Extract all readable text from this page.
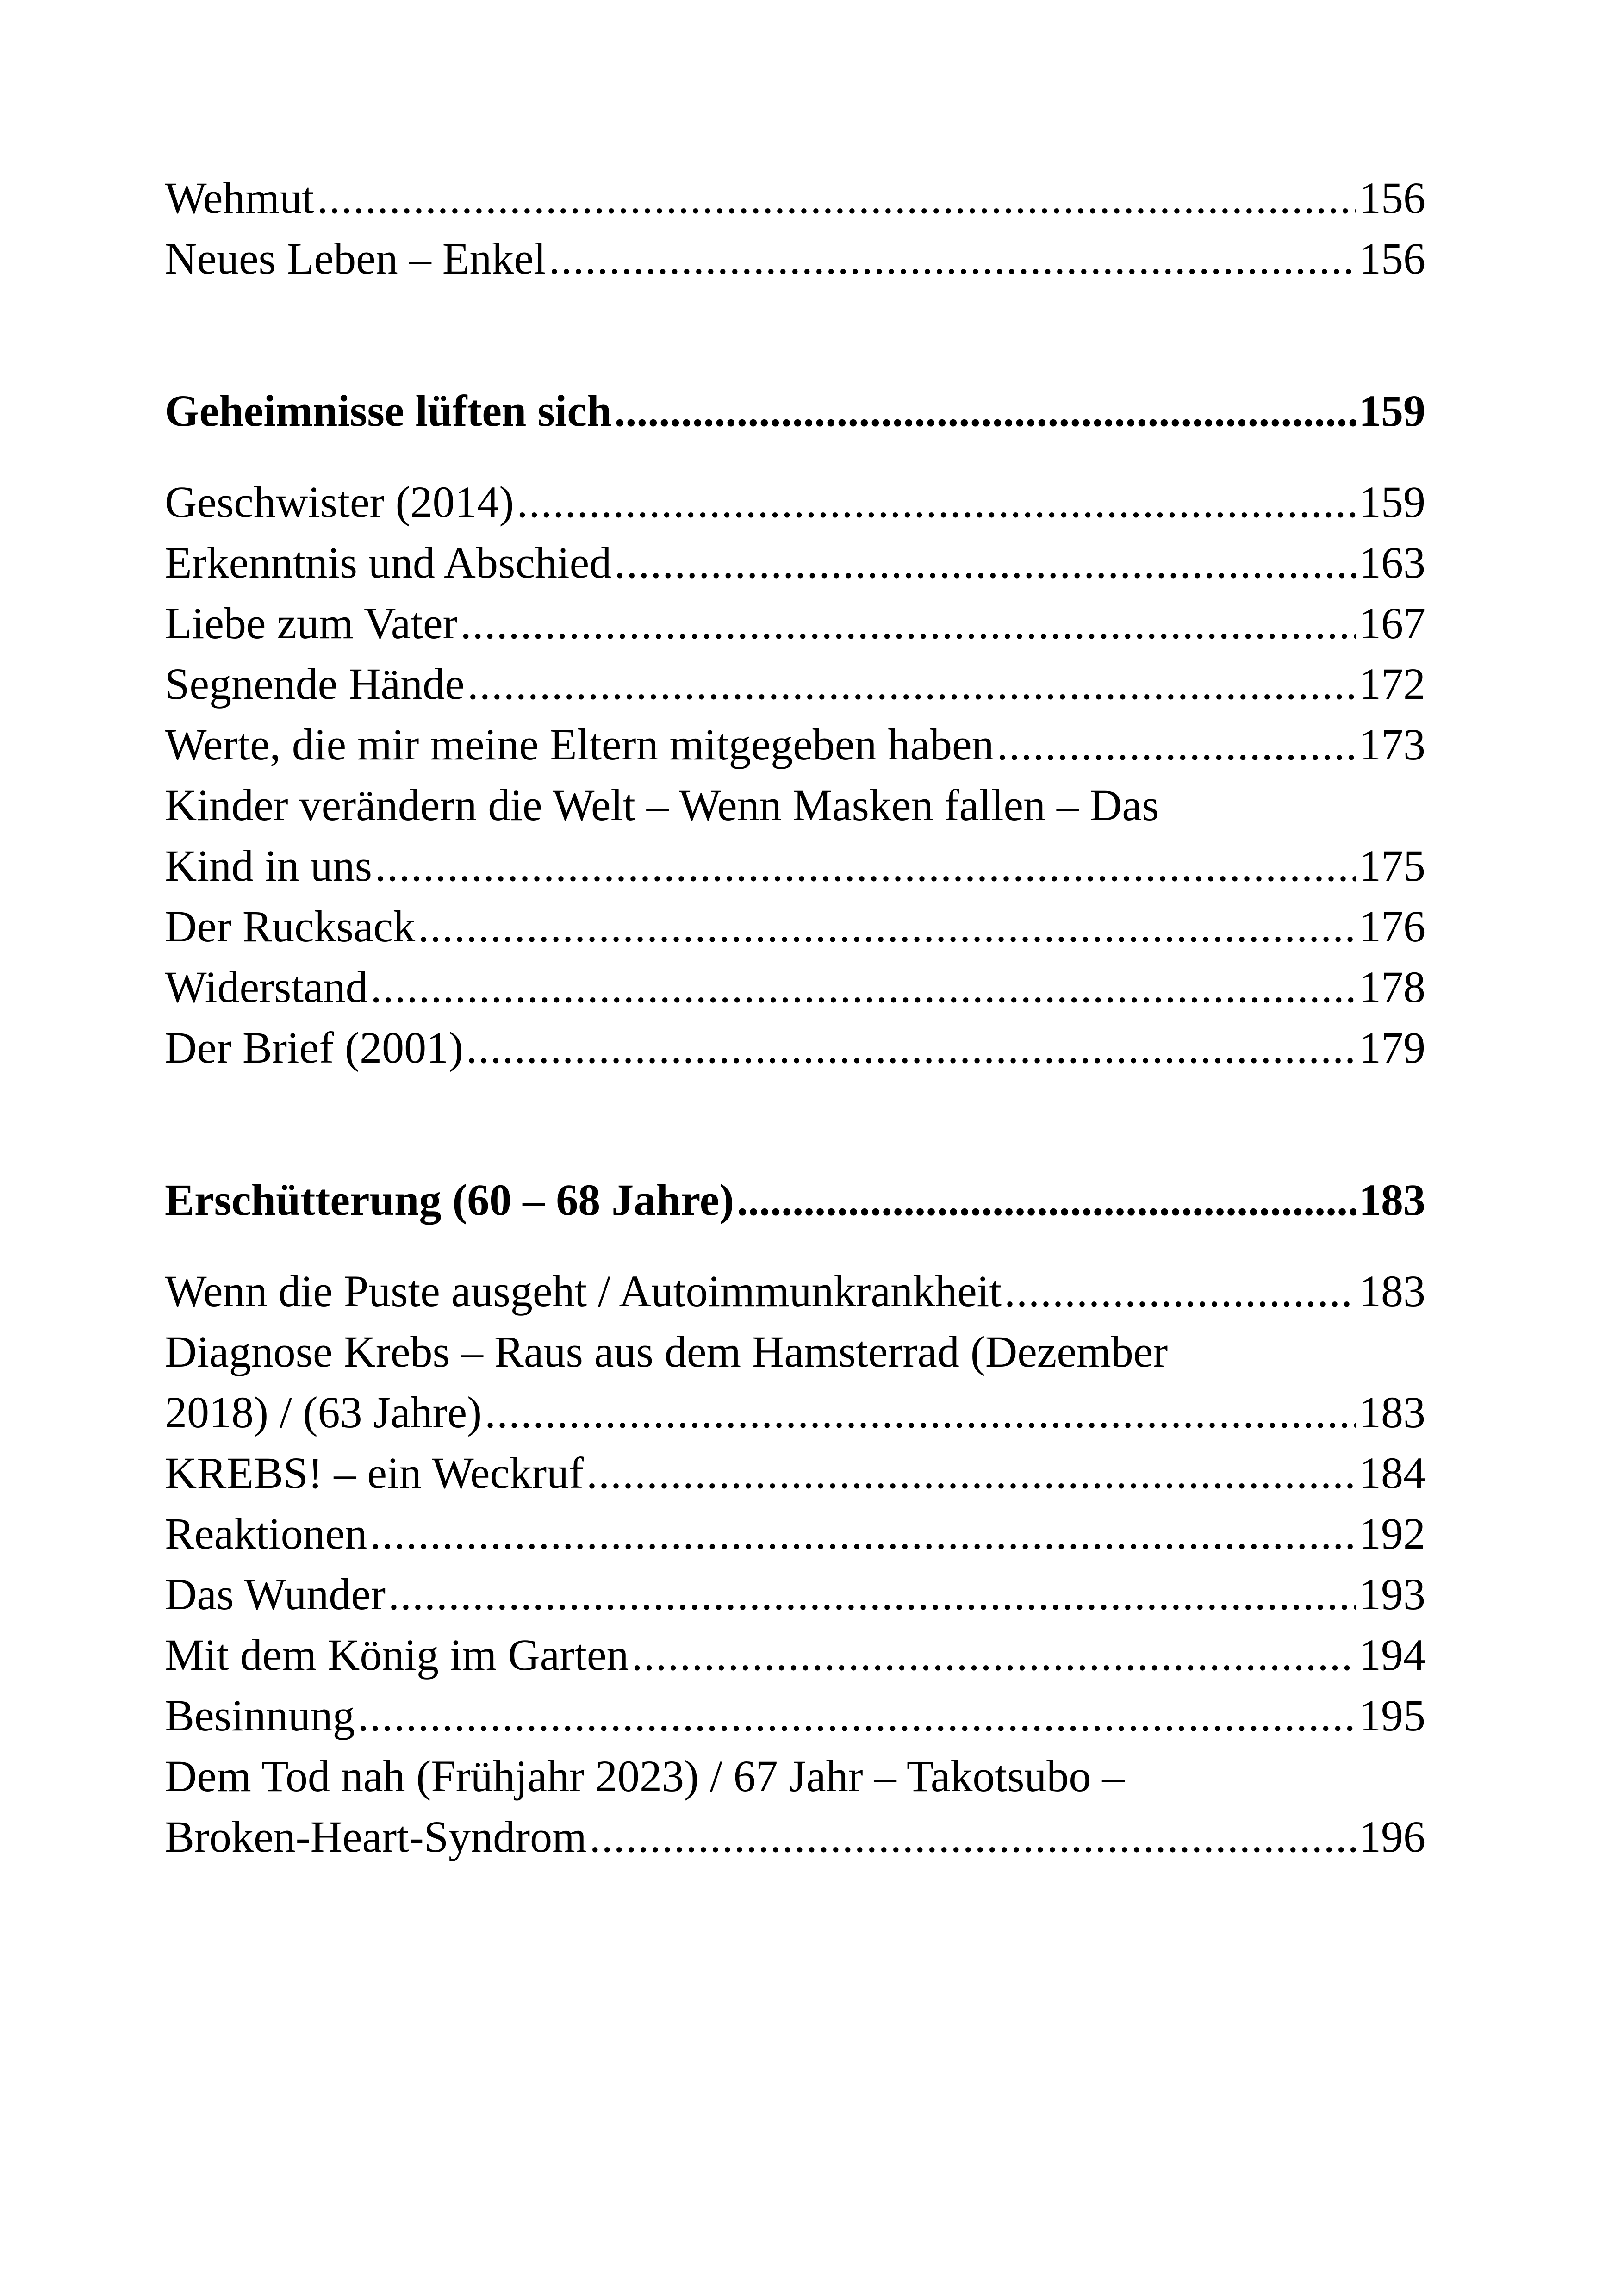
Wehmut .....	156
Neues Leben – Enkel .....	156
Geheimnisse lüften sich .....	159
Geschwister (2014) .....	159
Erkenntnis und Abschied .....	163
Liebe zum Vater .....	167
Segnende Hände .....	172
Werte, die mir meine Eltern mitgegeben haben .....	173
Kinder verändern die Welt – Wenn Masken fallen – Das
Kind in uns .....	175
Der Rucksack .....	176
Widerstand .....	178
Der Brief (2001) .....	179
Erschütterung (60 – 68 Jahre) .....	183
Wenn die Puste ausgeht / Autoimmunkrankheit .....	183
Diagnose Krebs – Raus aus dem Hamsterrad (Dezember
2018) / (63 Jahre) .....	183
KREBS! – ein Weckruf .....	184
Reaktionen .....	192
Das Wunder .....	193
Mit dem König im Garten .....	194
Besinnung .....	195
Dem Tod nah (Frühjahr 2023) / 67 Jahr – Takotsubo –
Broken-Heart-Syndrom .....	196
